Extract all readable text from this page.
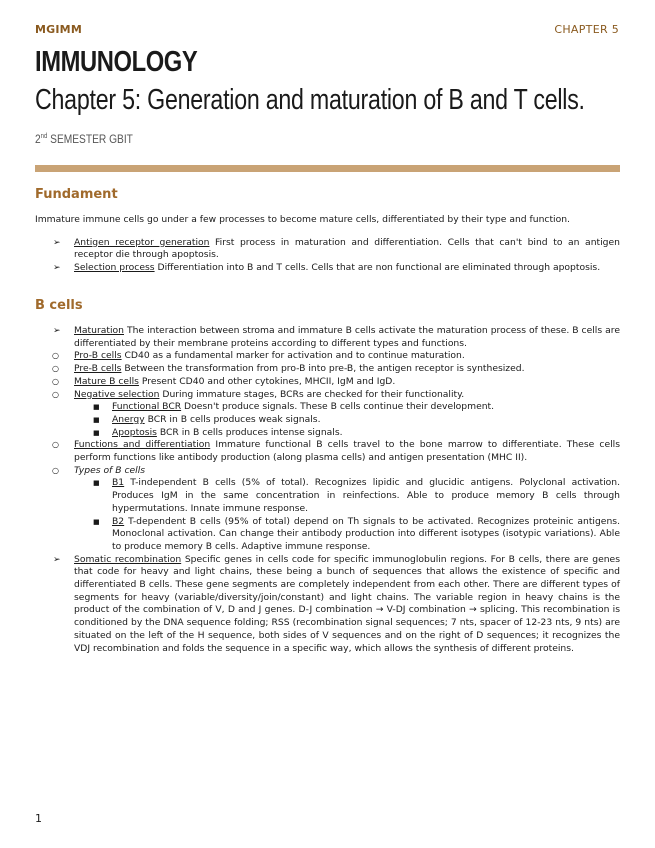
MGIMM	CHAPTER 5
IMMUNOLOGY
Chapter 5: Generation and maturation of B and T cells.
2nd SEMESTER GBIT
Fundament

Immature immune cells go under a few processes to become mature cells, differentiated by their type and function.

➢ Antigen receptor generation First process in maturation and differentiation. Cells that can't bind to an antigen receptor die through apoptosis.
➢ Selection process Differentiation into B and T cells. Cells that are non functional are eliminated through apoptosis.
B cells
➢ Maturation The interaction between stroma and immature B cells activate the maturation process of these. B cells are differentiated by their membrane proteins according to different types and functions.
○ Pro-B cells CD40 as a fundamental marker for activation and to continue maturation.
○ Pre-B cells Between the transformation from pro-B into pre-B, the antigen receptor is synthesized.
○ Mature B cells Present CD40 and other cytokines, MHCII, IgM and IgD.
○ Negative selection During immature stages, BCRs are checked for their functionality.
■ Functional BCR Doesn't produce signals. These B cells continue their development.
■ Anergy BCR in B cells produces weak signals.
■ Apoptosis BCR in B cells produces intense signals.
○ Functions and differentiation Immature functional B cells travel to the bone marrow to differentiate. These cells perform functions like antibody production (along plasma cells) and antigen presentation (MHC II).
○ Types of B cells
■ B1 T-independent B cells (5% of total). Recognizes lipidic and glucidic antigens. Polyclonal activation. Produces IgM in the same concentration in reinfections. Able to produce memory B cells through hypermutations. Innate immune response.
■ B2 T-dependent B cells (95% of total) depend on Th signals to be activated. Recognizes proteinic antigens. Monoclonal activation. Can change their antibody production into different isotypes (isotypic variations). Able to produce memory B cells. Adaptive immune response.
➢ Somatic recombination Specific genes in cells code for specific immunoglobulin regions. For B cells, there are genes that code for heavy and light chains, these being a bunch of sequences that allows the existence of specific and differentiated B cells. These gene segments are completely independent from each other. There are different types of segments for heavy (variable/diversity/join/constant) and light chains. The variable region in heavy chains is the product of the combination of V, D and J genes. D-J combination → V-DJ combination → splicing. This recombination is conditioned by the DNA sequence folding; RSS (recombination signal sequences; 7 nts, spacer of 12-23 nts, 9 nts) are situated on the left of the H sequence, both sides of V sequences and on the right of D sequences; it recognizes the VDJ recombination and folds the sequence in a specific way, which allows the synthesis of different proteins.
1
